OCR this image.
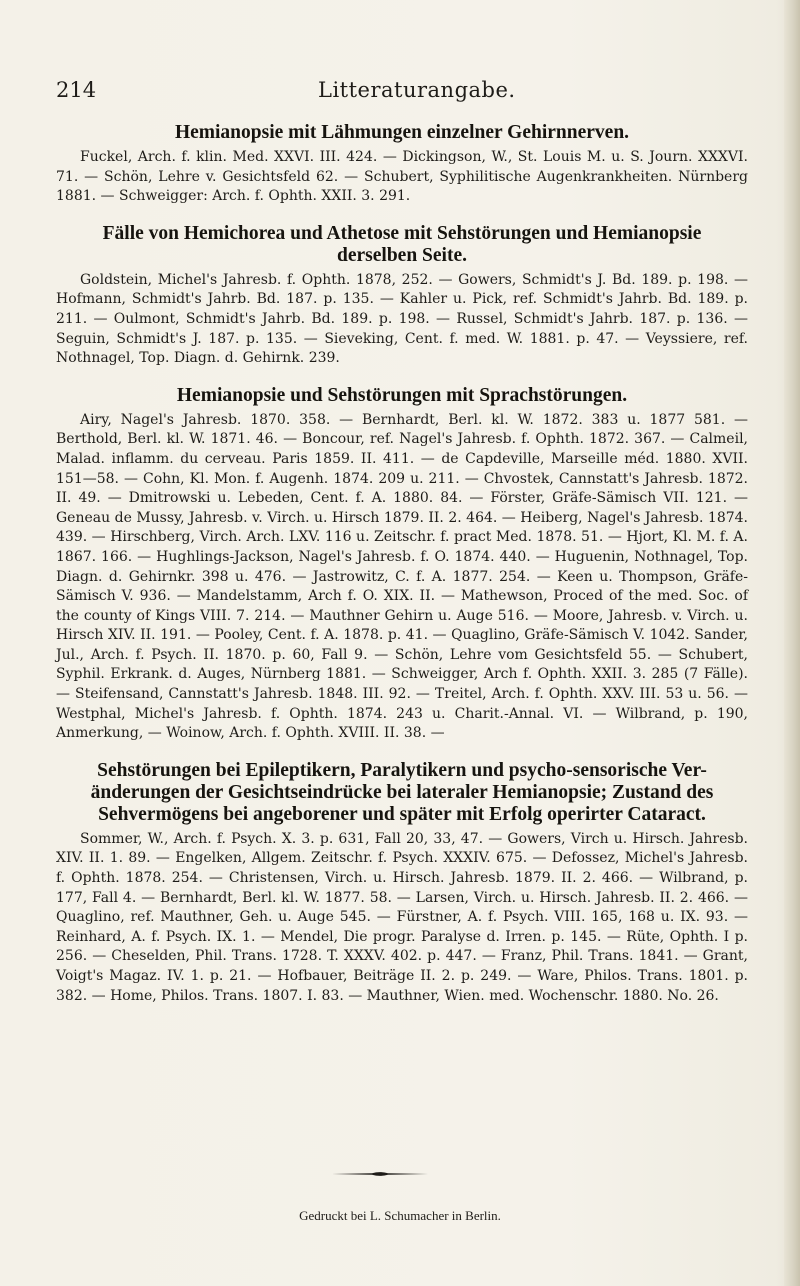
214	Litteraturangabe.
Hemianopsie mit Lähmungen einzelner Gehirnnerven.

Fuckel, Arch. f. klin. Med. XXVI. III. 424. — Dickingson, W., St. Louis M. u. S. Journ. XXXVI. 71. — Schön, Lehre v. Gesichtsfeld 62. — Schubert, Syphilitische Augenkrankheiten. Nürnberg 1881. — Schweigger: Arch. f. Ophth. XXII. 3. 291.

Fälle von Hemichorea und Athetose mit Sehstörungen und Hemianopsie
derselben Seite.

Goldstein, Michel's Jahresb. f. Ophth. 1878, 252. — Gowers, Schmidt's J. Bd. 189. p. 198. — Hofmann, Schmidt's Jahrb. Bd. 187. p. 135. — Kahler u. Pick, ref. Schmidt's Jahrb. Bd. 189. p. 211. — Oulmont, Schmidt's Jahrb. Bd. 189. p. 198. — Russel, Schmidt's Jahrb. 187. p. 136. — Seguin, Schmidt's J. 187. p. 135. — Sieveking, Cent. f. med. W. 1881. p. 47. — Veyssiere, ref. Nothnagel, Top. Diagn. d. Gehirnk. 239.

Hemianopsie und Sehstörungen mit Sprachstörungen.

Airy, Nagel's Jahresb. 1870. 358. — Bernhardt, Berl. kl. W. 1872. 383 u. 1877 581. — Berthold, Berl. kl. W. 1871. 46. — Boncour, ref. Nagel's Jahresb. f. Ophth. 1872. 367. — Calmeil, Malad. inflamm. du cerveau. Paris 1859. II. 411. — de Capdeville, Marseille méd. 1880. XVII. 151—58. — Cohn, Kl. Mon. f. Augenh. 1874. 209 u. 211. — Chvostek, Cannstatt's Jahresb. 1872. II. 49. — Dmitrowski u. Lebeden, Cent. f. A. 1880. 84. — Förster, Gräfe-Sämisch VII. 121. — Geneau de Mussy, Jahresb. v. Virch. u. Hirsch 1879. II. 2. 464. — Heiberg, Nagel's Jahresb. 1874. 439. — Hirschberg, Virch. Arch. LXV. 116 u. Zeitschr. f. pract Med. 1878. 51. — Hjort, Kl. M. f. A. 1867. 166. — Hughlings-Jackson, Nagel's Jahresb. f. O. 1874. 440. — Huguenin, Nothnagel, Top. Diagn. d. Gehirnkr. 398 u. 476. — Jastrowitz, C. f. A. 1877. 254. — Keen u. Thompson, Gräfe-Sämisch V. 936. — Mandelstamm, Arch f. O. XIX. II. — Mathewson, Proced of the med. Soc. of the county of Kings VIII. 7. 214. — Mauthner Gehirn u. Auge 516. — Moore, Jahresb. v. Virch. u. Hirsch XIV. II. 191. — Pooley, Cent. f. A. 1878. p. 41. — Quaglino, Gräfe-Sämisch V. 1042. Sander, Jul., Arch. f. Psych. II. 1870. p. 60, Fall 9. — Schön, Lehre vom Gesichtsfeld 55. — Schubert, Syphil. Erkrank. d. Auges, Nürnberg 1881. — Schweigger, Arch f. Ophth. XXII. 3. 285 (7 Fälle). — Steifensand, Cannstatt's Jahresb. 1848. III. 92. — Treitel, Arch. f. Ophth. XXV. III. 53 u. 56. — Westphal, Michel's Jahresb. f. Ophth. 1874. 243 u. Charit.-Annal. VI. — Wilbrand, p. 190, Anmerkung, — Woinow, Arch. f. Ophth. XVIII. II. 38. —

Sehstörungen bei Epileptikern, Paralytikern und psycho-sensorische Ver-
änderungen der Gesichtseindrücke bei lateraler Hemianopsie; Zustand des
Sehvermögens bei angeborener und später mit Erfolg operirter Cataract.

Sommer, W., Arch. f. Psych. X. 3. p. 631, Fall 20, 33, 47. — Gowers, Virch u. Hirsch. Jahresb. XIV. II. 1. 89. — Engelken, Allgem. Zeitschr. f. Psych. XXXIV. 675. — Defossez, Michel's Jahresb. f. Ophth. 1878. 254. — Christensen, Virch. u. Hirsch. Jahresb. 1879. II. 2. 466. — Wilbrand, p. 177, Fall 4. — Bernhardt, Berl. kl. W. 1877. 58. — Larsen, Virch. u. Hirsch. Jahresb. II. 2. 466. — Quaglino, ref. Mauthner, Geh. u. Auge 545. — Fürstner, A. f. Psych. VIII. 165, 168 u. IX. 93. — Reinhard, A. f. Psych. IX. 1. — Mendel, Die progr. Paralyse d. Irren. p. 145. — Rüte, Ophth. I p. 256. — Cheselden, Phil. Trans. 1728. T. XXXV. 402. p. 447. — Franz, Phil. Trans. 1841. — Grant, Voigt's Magaz. IV. 1. p. 21. — Hofbauer, Beiträge II. 2. p. 249. — Ware, Philos. Trans. 1801. p. 382. — Home, Philos. Trans. 1807. I. 83. — Mauthner, Wien. med. Wochenschr. 1880. No. 26.

Gedruckt bei L. Schumacher in Berlin.
